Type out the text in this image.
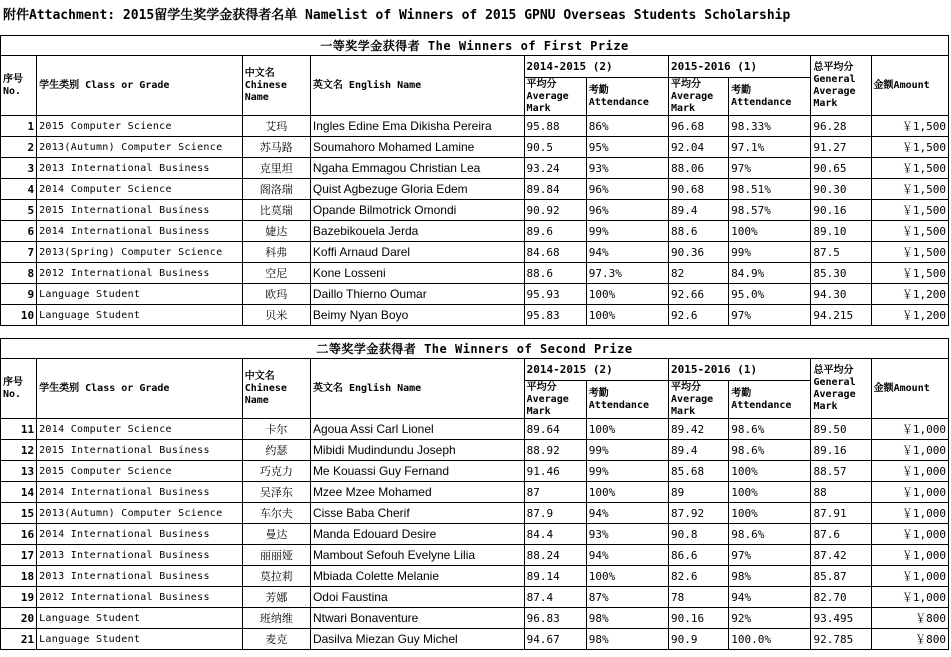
附件Attachment: 2015留学生奖学金获得者名单 Namelist of Winners of 2015 GPNU Overseas Students Scholarship
一等奖学金获得者 The Winners of First Prize									
序号 No.	学生类别 Class or Grade	中文名 Chinese Name	英文名 English Name	2014-2015 (2)		2015-2016 (1)		总平均分 General Average Mark	金额Amount
				平均分 Average Mark	考勤 Attendance	平均分 Average Mark	考勤 Attendance		
1	2015 Computer Science	艾玛	Ingles Edine Ema Dikisha Pereira	95.88	86%	96.68	98.33%	96.28	￥1,500
2	2013(Autumn) Computer Science	苏马路	Soumahoro Mohamed Lamine	90.5	95%	92.04	97.1%	91.27	￥1,500
3	2013 International Business	克里坦	Ngaha Emmagou Christian Lea	93.24	93%	88.06	97%	90.65	￥1,500
4	2014 Computer Science	阁洛瑞	Quist Agbezuge Gloria Edem	89.84	96%	90.68	98.51%	90.30	￥1,500
5	2015 International Business	比莫瑞	Opande Bilmotrick Omondi	90.92	96%	89.4	98.57%	90.16	￥1,500
6	2014 International Business	婕达	Bazebikouela Jerda	89.6	99%	88.6	100%	89.10	￥1,500
7	2013(Spring) Computer Science	科弗	Koffi Arnaud Darel	84.68	94%	90.36	99%	87.5	￥1,500
8	2012 International Business	空尼	Kone Losseni	88.6	97.3%	82	84.9%	85.30	￥1,500
9	Language Student	欧玛	Daillo Thierno Oumar	95.93	100%	92.66	95.0%	94.30	￥1,200
10	Language Student	贝米	Beimy Nyan Boyo	95.83	100%	92.6	97%	94.215	￥1,200
二等奖学金获得者 The Winners of Second Prize									
序号 No.	学生类别 Class or Grade	中文名 Chinese Name	英文名 English Name	2014-2015 (2)		2015-2016 (1)		总平均分 General Average Mark	金额Amount
				平均分 Average Mark	考勤 Attendance	平均分 Average Mark	考勤 Attendance		
11	2014 Computer Science	卡尔	Agoua Assi Carl Lionel	89.64	100%	89.42	98.6%	89.50	￥1,000
12	2015 International Business	约瑟	Mibidi Mudindundu Joseph	88.92	99%	89.4	98.6%	89.16	￥1,000
13	2015 Computer Science	巧克力	Me Kouassi Guy Fernand	91.46	99%	85.68	100%	88.57	￥1,000
14	2014 International Business	吴泽东	Mzee Mzee Mohamed	87	100%	89	100%	88	￥1,000
15	2013(Autumn) Computer Science	车尔夫	Cisse Baba Cherif	87.9	94%	87.92	100%	87.91	￥1,000
16	2014 International Business	曼达	Manda Edouard Desire	84.4	93%	90.8	98.6%	87.6	￥1,000
17	2013 International Business	丽丽娅	Mambout Sefouh Evelyne Lilia	88.24	94%	86.6	97%	87.42	￥1,000
18	2013 International Business	莫拉莉	Mbiada Colette Melanie	89.14	100%	82.6	98%	85.87	￥1,000
19	2012 International Business	芳娜	Odoi Faustina	87.4	87%	78	94%	82.70	￥1,000
20	Language Student	班纳维	Ntwari Bonaventure	96.83	98%	90.16	92%	93.495	￥800
21	Language Student	麦克	Dasilva Miezan Guy Michel	94.67	98%	90.9	100.0%	92.785	￥800
